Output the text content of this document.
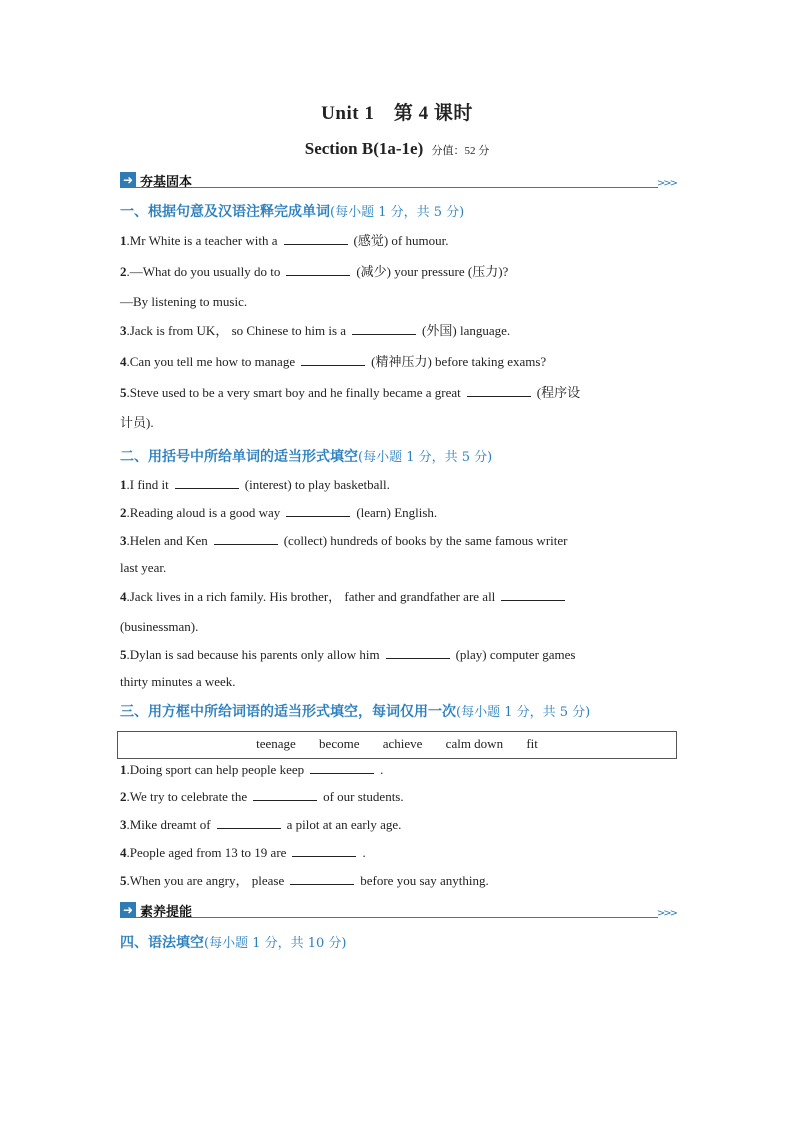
Unit 1　第 4 课时
Section B(1a-1e) 分值：52 分
➜ 夯基固本	>>>
一、根据句意及汉语注释完成单词(每小题 1 分，共 5 分)
1.Mr White is a teacher with a	(感觉) of humour.
2.—What do you usually do to	(减少) your pressure (压力)?
—By listening to music.
3.Jack is from UK， so Chinese to him is a	(外国) language.
4.Can you tell me how to manage	(精神压力) before taking exams?
5.Steve used to be a very smart boy and he finally became a great	(程序设
计员).
二、用括号中所给单词的适当形式填空(每小题 1 分，共 5 分)
1.I find it	(interest) to play basketball.
2.Reading aloud is a good way	(learn) English.
3.Helen and Ken	(collect) hundreds of books by the same famous writer
last year.
4.Jack lives in a rich family. His brother， father and grandfather are all
(businessman).
5.Dylan is sad because his parents only allow him	(play) computer games
thirty minutes a week.
三、用方框中所给词语的适当形式填空，每词仅用一次(每小题 1 分，共 5 分)
teenage become achieve calm down fit
1.Doing sport can help people keep	.
2.We try to celebrate the	of our students.
3.Mike dreamt of	a pilot at an early age.
4.People aged from 13 to 19 are	.
5.When you are angry， please	before you say anything.
➜ 素养提能	>>>
四、语法填空(每小题 1 分，共 10 分)
